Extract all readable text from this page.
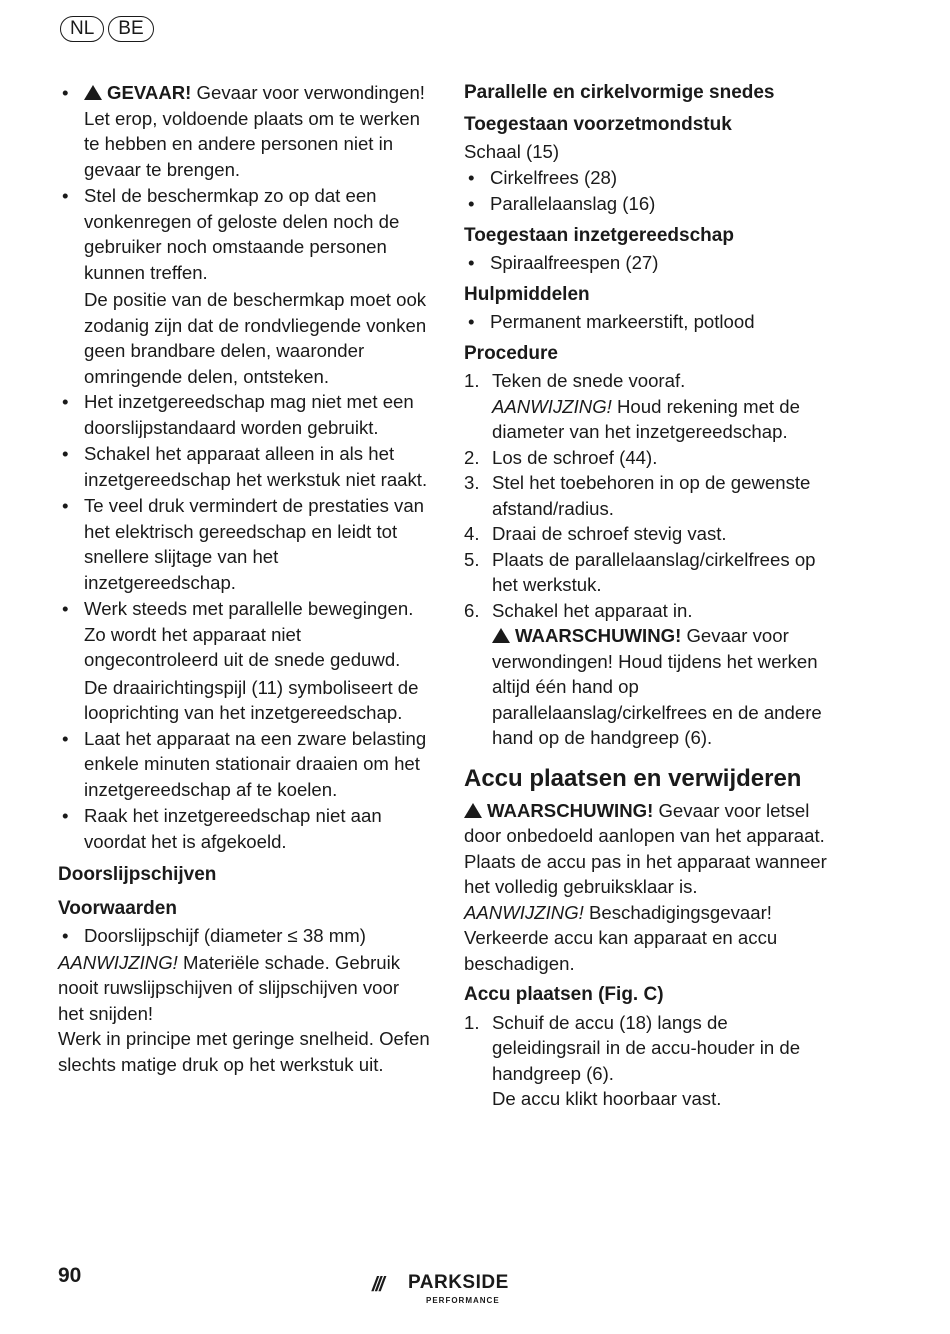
NL	BE
• GEVAAR! Gevaar voor verwondingen! Let erop, voldoende plaats om te werken te hebben en andere personen niet in gevaar te brengen.
• Stel de beschermkap zo op dat een vonkenregen of geloste delen noch de gebruiker noch omstaande personen kunnen treffen.
De positie van de beschermkap moet ook zodanig zijn dat de rondvliegende vonken geen brandbare delen, waaronder omringende delen, ontsteken.
• Het inzetgereedschap mag niet met een doorslijpstandaard worden gebruikt.
• Schakel het apparaat alleen in als het inzetgereedschap het werkstuk niet raakt.
• Te veel druk vermindert de prestaties van het elektrisch gereedschap en leidt tot snellere slijtage van het inzetgereedschap.
• Werk steeds met parallelle bewegingen. Zo wordt het apparaat niet ongecontroleerd uit de snede geduwd.
De draairichtingspijl (11) symboliseert de looprichting van het inzetgereedschap.
• Laat het apparaat na een zware belasting enkele minuten stationair draaien om het inzetgereedschap af te koelen.
• Raak het inzetgereedschap niet aan voordat het is afgekoeld.
Doorslijpschijven
Voorwaarden
• Doorslijpschijf (diameter ≤ 38 mm)
AANWIJZING! Materiële schade. Gebruik nooit ruwslijpschijven of slijpschijven voor het snijden!
Werk in principe met geringe snelheid. Oefen slechts matige druk op het werkstuk uit.
Parallelle en cirkelvormige snedes
Toegestaan voorzetmondstuk
Schaal (15)
• Cirkelfrees (28)
• Parallelaanslag (16)
Toegestaan inzetgereedschap
• Spiraalfreespen (27)
Hulpmiddelen
• Permanent markeerstift, potlood
Procedure
1. Teken de snede vooraf.
AANWIJZING! Houd rekening met de diameter van het inzetgereedschap.
2. Los de schroef (44).
3. Stel het toebehoren in op de gewenste afstand/radius.
4. Draai de schroef stevig vast.
5. Plaats de parallelaanslag/cirkelfrees op het werkstuk.
6. Schakel het apparaat in.
WAARSCHUWING! Gevaar voor verwondingen! Houd tijdens het werken altijd één hand op parallelaanslag/cirkelfrees en de andere hand op de handgreep (6).
Accu plaatsen en verwijderen
WAARSCHUWING! Gevaar voor letsel door onbedoeld aanlopen van het apparaat. Plaats de accu pas in het apparaat wanneer het volledig gebruiksklaar is.
AANWIJZING! Beschadigingsgevaar! Verkeerde accu kan apparaat en accu beschadigen.
Accu plaatsen (Fig. C)
1. Schuif de accu (18) langs de geleidingsrail in de accu-houder in de handgreep (6).
De accu klikt hoorbaar vast.
90	/// PARKSIDE
PERFORMANCE
